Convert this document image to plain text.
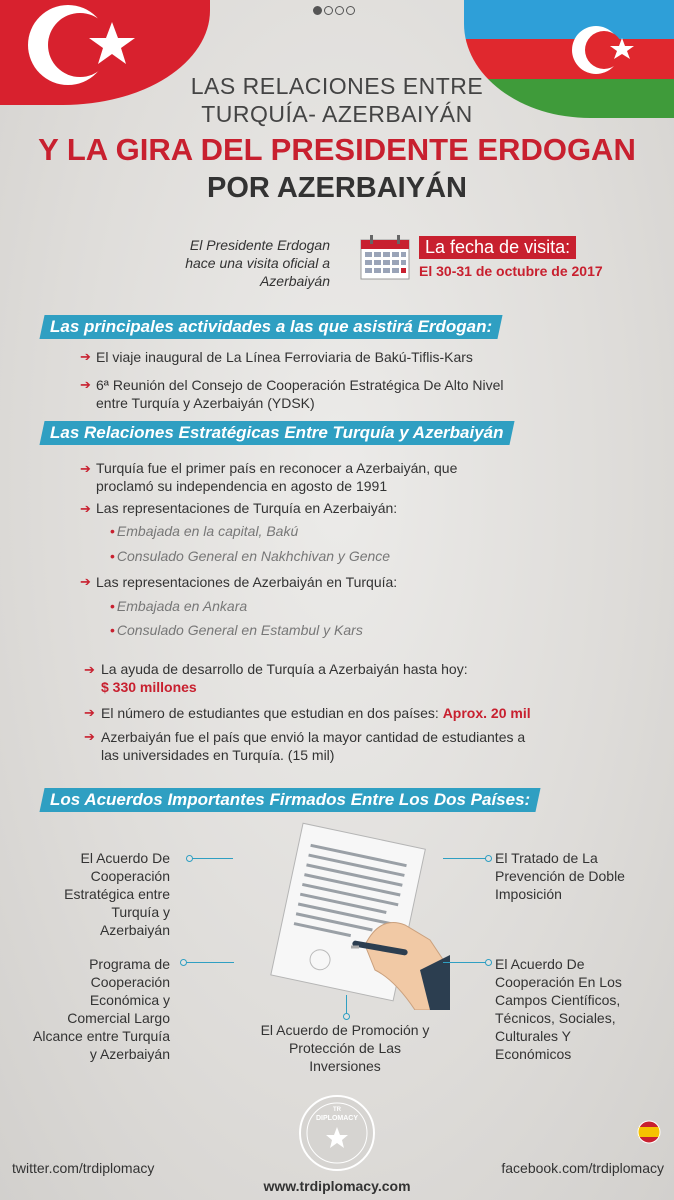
LAS RELACIONES ENTRE
TURQUÍA- AZERBAIYÁN
Y LA GIRA DEL PRESIDENTE ERDOGAN
POR AZERBAIYÁN
El Presidente Erdogan
hace una visita oficial a
Azerbaiyán
La fecha de visita:
El 30-31 de octubre de 2017
Las principales actividades a las que asistirá Erdogan:
➔ El viaje inaugural de La Línea Ferroviaria de Bakú-Tiflis-Kars
➔ 6ª Reunión del Consejo de Cooperación Estratégica De Alto Nivel
entre Turquía y Azerbaiyán (YDSK)
Las Relaciones Estratégicas Entre Turquía y Azerbaiyán
➔ Turquía fue el primer país en reconocer a Azerbaiyán, que
proclamó su independencia en agosto de 1991
➔ Las representaciones de Turquía en Azerbaiyán:
• Embajada en la capital, Bakú
• Consulado General en Nakhchivan y Gence
➔ Las representaciones de Azerbaiyán en Turquía:
• Embajada en Ankara
• Consulado General en Estambul y Kars
➔ La ayuda de desarrollo de Turquía a Azerbaiyán hasta hoy:
$ 330 millones
➔ El número de estudiantes que estudian en dos países: Aprox. 20 mil
➔ Azerbaiyán fue el país que envió la mayor cantidad de estudiantes a
las universidades en Turquía. (15 mil)
Los Acuerdos Importantes Firmados Entre Los Dos Países:
El Acuerdo De
Cooperación
Estratégica entre
Turquía y
Azerbaiyán
Programa de
Cooperación
Económica y
Comercial Largo
Alcance entre Turquía
y Azerbaiyán
El Acuerdo de Promoción y
Protección de Las
Inversiones
El Tratado de La
Prevención de Doble
Imposición
El Acuerdo De
Cooperación En Los
Campos Científicos,
Técnicos, Sociales,
Culturales Y
Económicos
TR
DIPLOMACY
twitter.com/trdiplomacy	facebook.com/trdiplomacy
www.trdiplomacy.com
